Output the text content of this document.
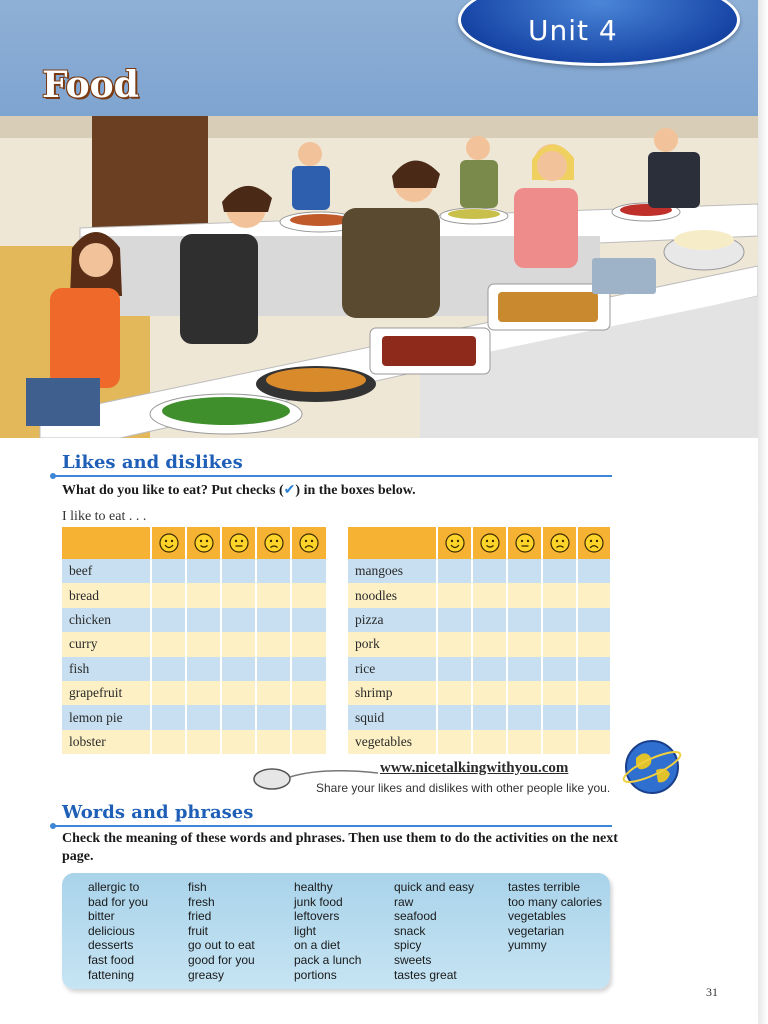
Unit 4
Food
Likes and dislikes
What do you like to eat? Put checks (✔) in the boxes below.
I like to eat . . .

beef					
bread					
chicken					
curry					
fish					
grapefruit					
lemon pie					
lobster					

mangoes					
noodles					
pizza					
pork					
rice					
shrimp					
squid					
vegetables					
www.nicetalkingwithyou.com
Share your likes and dislikes with other people like you.
Words and phrases
Check the meaning of these words and phrases. Then use them to do the activities on the next page.
allergic to
bad for you
bitter
delicious
desserts
fast food
fattening
fish
fresh
fried
fruit
go out to eat
good for you
greasy
healthy
junk food
leftovers
light
on a diet
pack a lunch
portions
quick and easy
raw
seafood
snack
spicy
sweets
tastes great
tastes terrible
too many calories
vegetables
vegetarian
yummy
31
